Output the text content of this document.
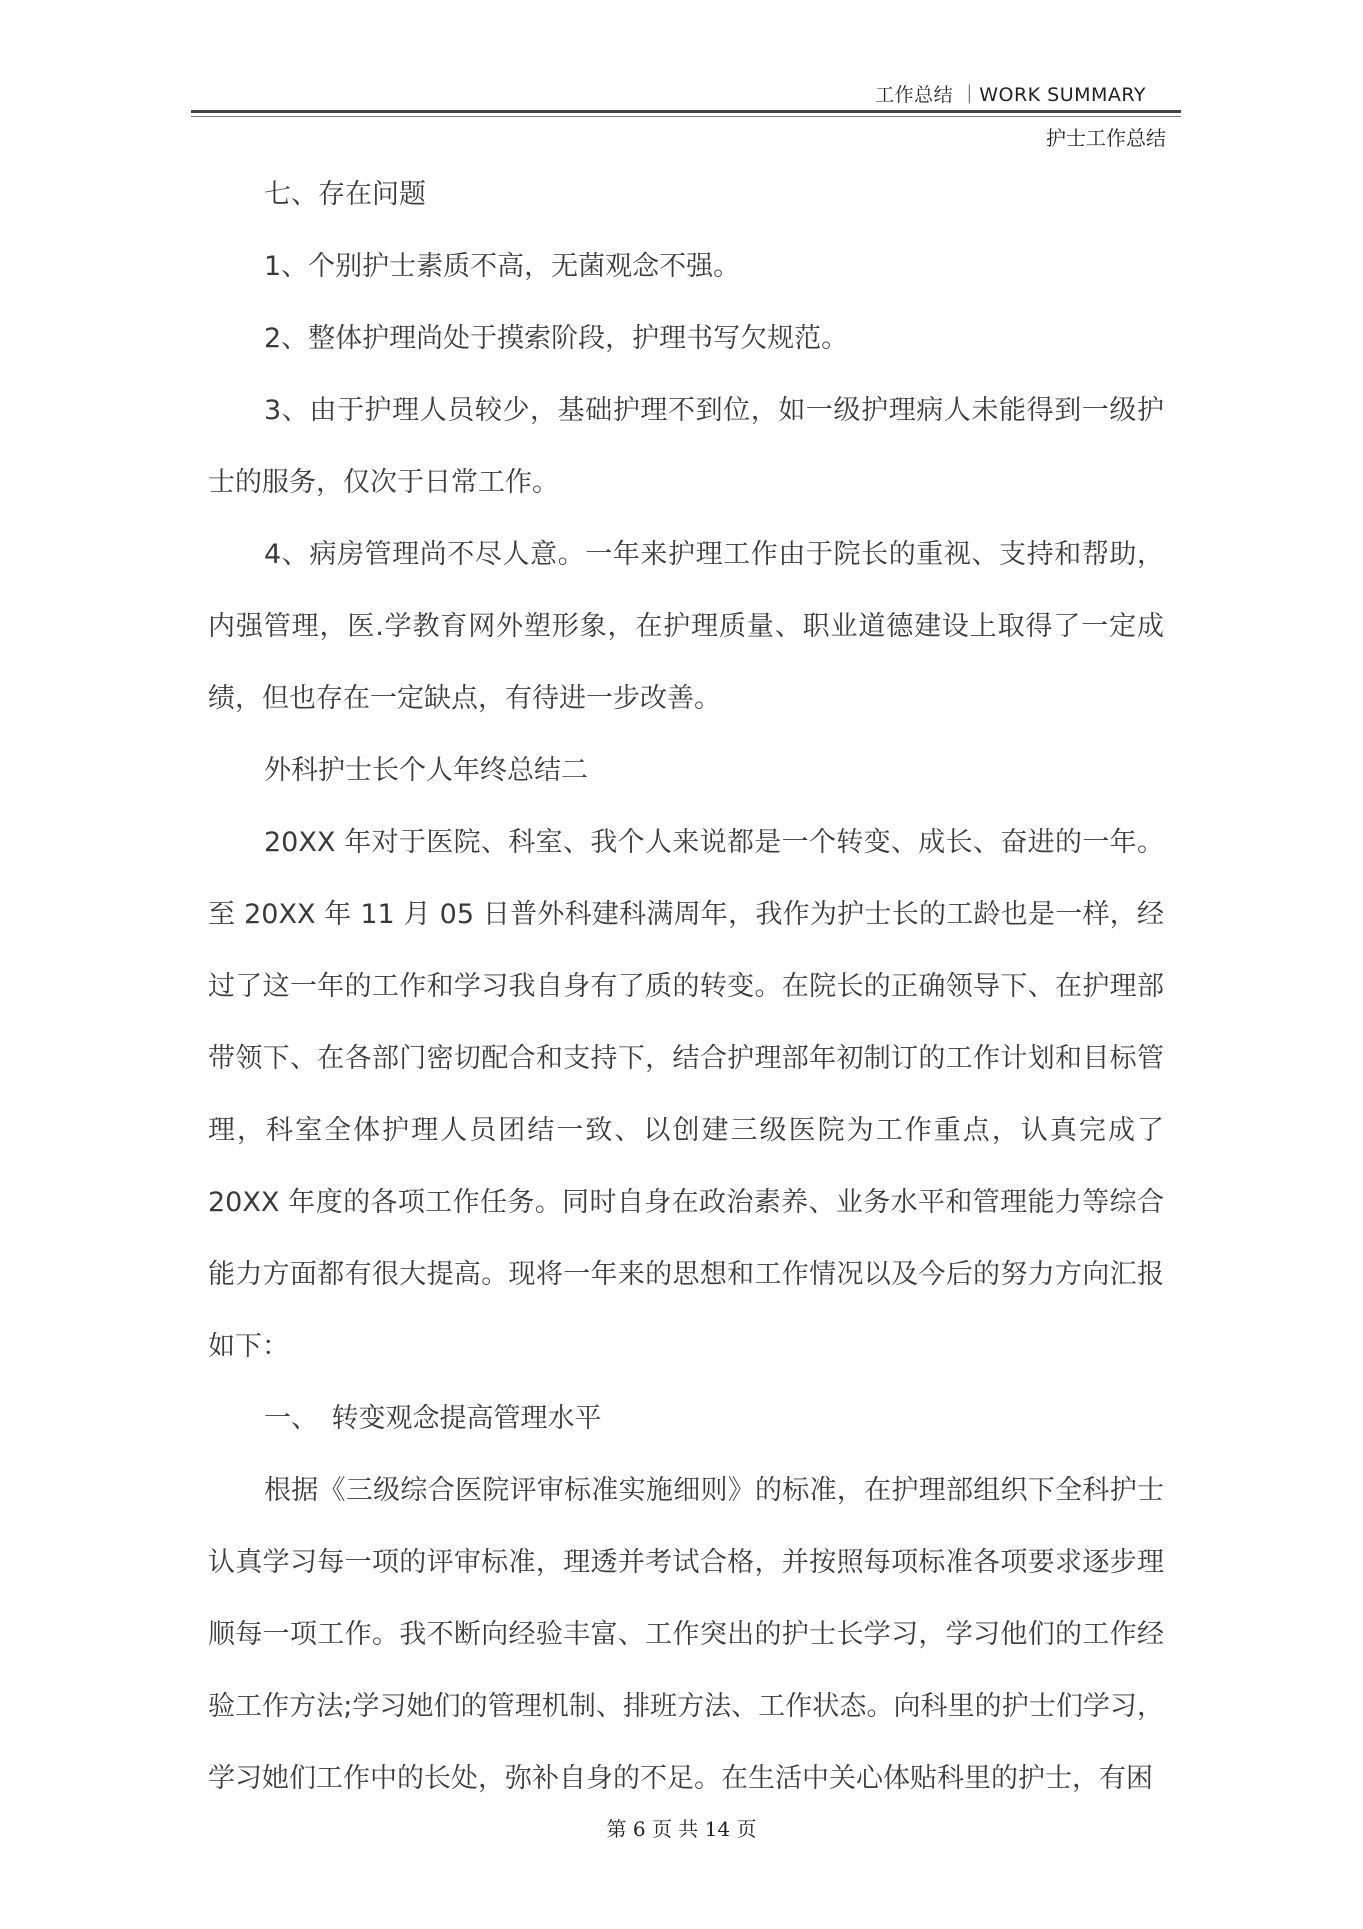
工作总结 ｜WORK SUMMARY
护士工作总结

七、存在问题

1、个别护士素质不高，无菌观念不强。

2、整体护理尚处于摸索阶段，护理书写欠规范。

3、由于护理人员较少，基础护理不到位，如一级护理病人未能得到一级护士的服务，仅次于日常工作。

4、病房管理尚不尽人意。一年来护理工作由于院长的重视、支持和帮助，内强管理，医.学教育网外塑形象，在护理质量、职业道德建设上取得了一定成绩，但也存在一定缺点，有待进一步改善。

外科护士长个人年终总结二

20XX 年对于医院、科室、我个人来说都是一个转变、成长、奋进的一年。至 20XX 年 11 月 05 日普外科建科满周年，我作为护士长的工龄也是一样，经过了这一年的工作和学习我自身有了质的转变。在院长的正确领导下、在护理部带领下、在各部门密切配合和支持下，结合护理部年初制订的工作计划和目标管理，科室全体护理人员团结一致、以创建三级医院为工作重点，认真完成了 20XX 年度的各项工作任务。同时自身在政治素养、业务水平和管理能力等综合能力方面都有很大提高。现将一年来的思想和工作情况以及今后的努力方向汇报如下：

一、　转变观念提高管理水平

根据《三级综合医院评审标准实施细则》的标准，在护理部组织下全科护士认真学习每一项的评审标准，理透并考试合格，并按照每项标准各项要求逐步理顺每一项工作。我不断向经验丰富、工作突出的护士长学习，学习他们的工作经验工作方法;学习她们的管理机制、排班方法、工作状态。向科里的护士们学习，学习她们工作中的长处，弥补自身的不足。在生活中关心体贴科里的护士，有困

第 6 页 共 14 页
